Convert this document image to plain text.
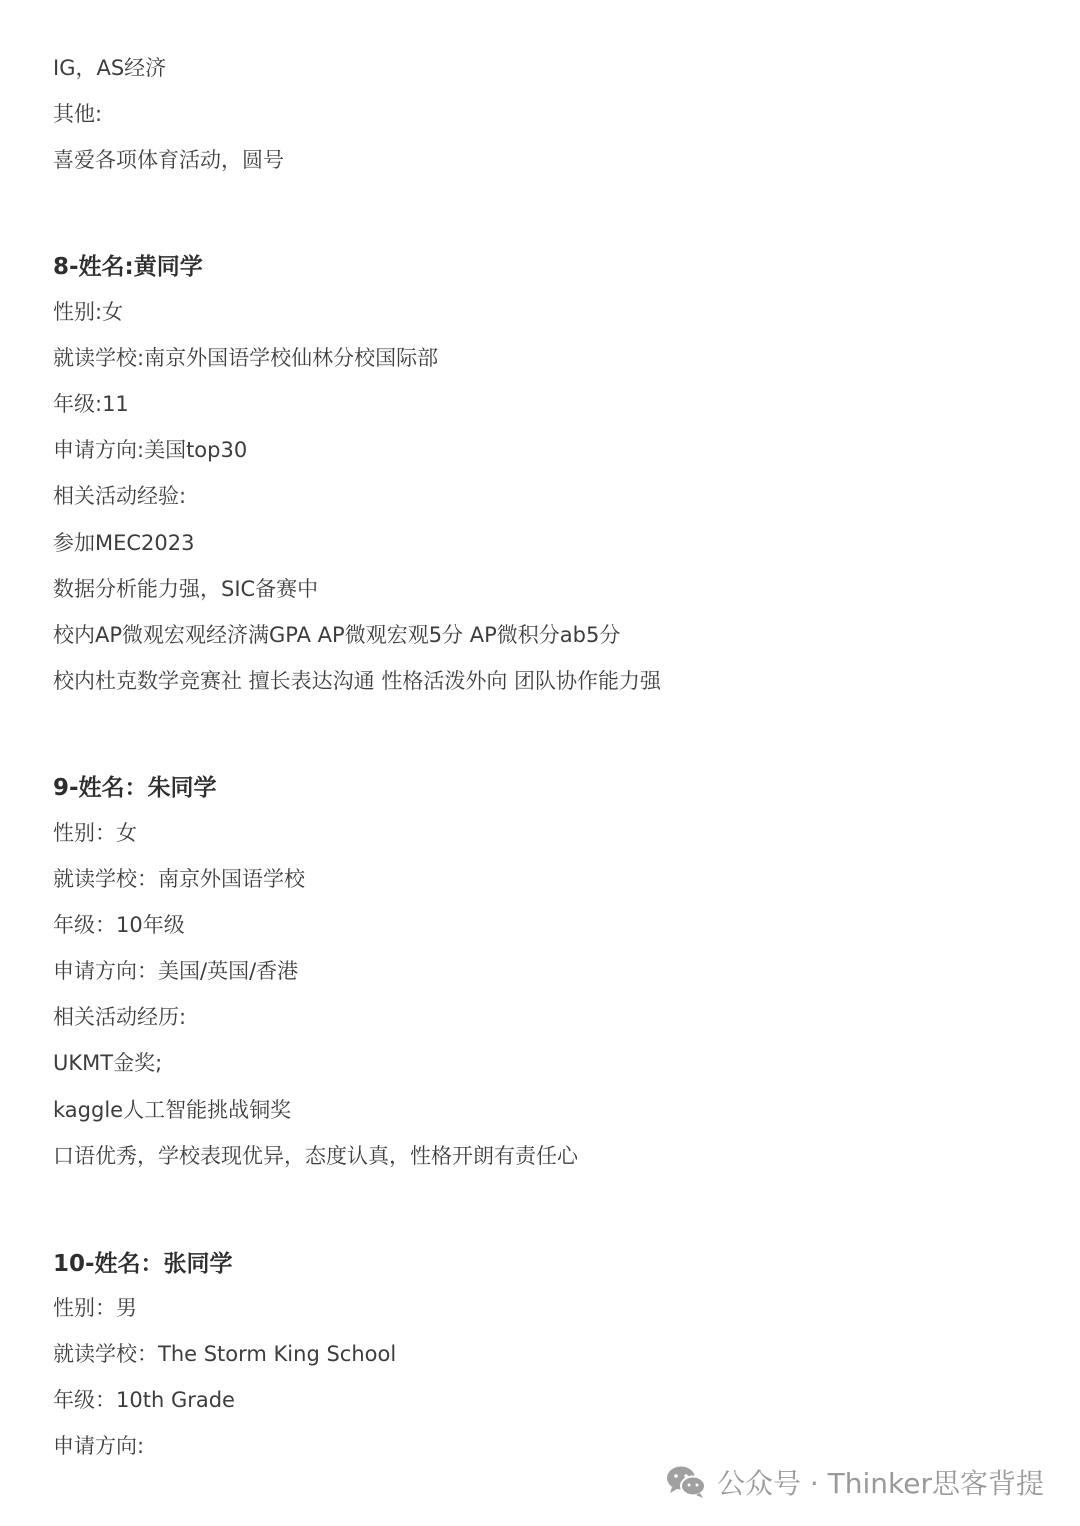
IG，AS经济
其他:
喜爱各项体育活动，圆号
8-姓名:黄同学
性别:女
就读学校:南京外国语学校仙林分校国际部
年级:11
申请方向:美国top30
相关活动经验:
参加MEC2023
数据分析能力强，SIC备赛中
校内AP微观宏观经济满GPA AP微观宏观5分 AP微积分ab5分
校内杜克数学竞赛社 擅长表达沟通 性格活泼外向 团队协作能力强
9-姓名：朱同学
性别：女
就读学校：南京外国语学校
年级：10年级
申请方向：美国/英国/香港
相关活动经历:
UKMT金奖;
kaggle人工智能挑战铜奖
口语优秀，学校表现优异，态度认真，性格开朗有责任心
10-姓名：张同学
性别：男
就读学校：The Storm King School
年级：10th Grade
申请方向:
公众号 · Thinker思客背提
